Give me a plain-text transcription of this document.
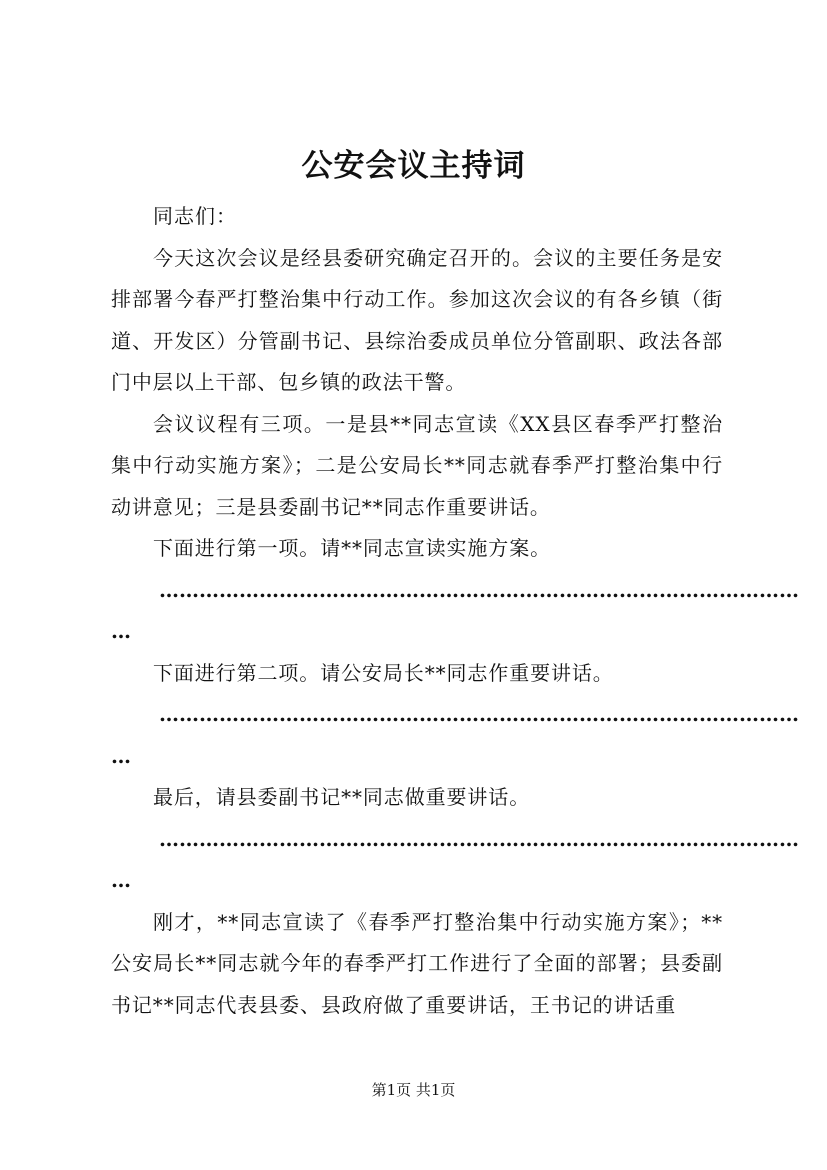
公安会议主持词

同志们：

今天这次会议是经县委研究确定召开的。会议的主要任务是安排部署今春严打整治集中行动工作。参加这次会议的有各乡镇（街道、开发区）分管副书记、县综治委成员单位分管副职、政法各部门中层以上干部、包乡镇的政法干警。

会议议程有三项。一是县**同志宣读《XX县区春季严打整治集中行动实施方案》；二是公安局长**同志就春季严打整治集中行动讲意见；三是县委副书记**同志作重要讲话。

下面进行第一项。请**同志宣读实施方案。

……………………………………………………………………………………
…

下面进行第二项。请公安局长**同志作重要讲话。

……………………………………………………………………………………
…

最后，请县委副书记**同志做重要讲话。

……………………………………………………………………………………
…

刚才，**同志宣读了《春季严打整治集中行动实施方案》；**公安局长**同志就今年的春季严打工作进行了全面的部署；县委副书记**同志代表县委、县政府做了重要讲话，王书记的讲话重

第1页 共1页
